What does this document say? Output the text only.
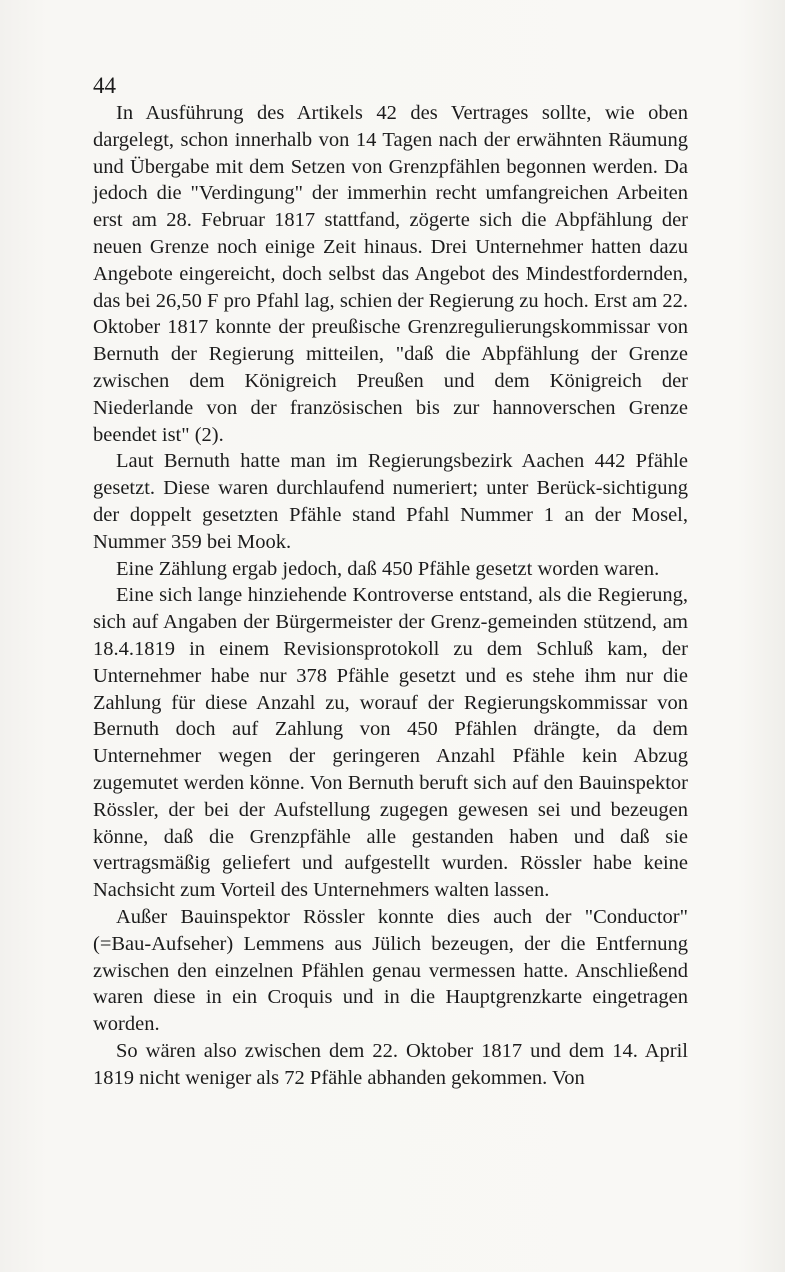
44

In Ausführung des Artikels 42 des Vertrages sollte, wie oben dargelegt, schon innerhalb von 14 Tagen nach der erwähnten Räumung und Übergabe mit dem Setzen von Grenzpfählen begonnen werden. Da jedoch die "Verdingung" der immerhin recht umfangreichen Arbeiten erst am 28. Februar 1817 stattfand, zögerte sich die Abpfählung der neuen Grenze noch einige Zeit hinaus. Drei Unternehmer hatten dazu Angebote eingereicht, doch selbst das Angebot des Mindestfordernden, das bei 26,50 F pro Pfahl lag, schien der Regierung zu hoch. Erst am 22. Oktober 1817 konnte der preußische Grenzregulierungskommissar von Bernuth der Regierung mitteilen, "daß die Abpfählung der Grenze zwischen dem Königreich Preußen und dem Königreich der Niederlande von der französischen bis zur hannoverschen Grenze beendet ist" (2).

Laut Bernuth hatte man im Regierungsbezirk Aachen 442 Pfähle gesetzt. Diese waren durchlaufend numeriert; unter Berück-sichtigung der doppelt gesetzten Pfähle stand Pfahl Nummer 1 an der Mosel, Nummer 359 bei Mook.

Eine Zählung ergab jedoch, daß 450 Pfähle gesetzt worden waren.

Eine sich lange hinziehende Kontroverse entstand, als die Regierung, sich auf Angaben der Bürgermeister der Grenz-gemeinden stützend, am 18.4.1819 in einem Revisionsprotokoll zu dem Schluß kam, der Unternehmer habe nur 378 Pfähle gesetzt und es stehe ihm nur die Zahlung für diese Anzahl zu, worauf der Regierungskommissar von Bernuth doch auf Zahlung von 450 Pfählen drängte, da dem Unternehmer wegen der geringeren Anzahl Pfähle kein Abzug zugemutet werden könne. Von Bernuth beruft sich auf den Bauinspektor Rössler, der bei der Aufstellung zugegen gewesen sei und bezeugen könne, daß die Grenzpfähle alle gestanden haben und daß sie vertragsmäßig geliefert und aufgestellt wurden. Rössler habe keine Nachsicht zum Vorteil des Unternehmers walten lassen.

Außer Bauinspektor Rössler konnte dies auch der "Conductor" (=Bau-Aufseher) Lemmens aus Jülich bezeugen, der die Entfernung zwischen den einzelnen Pfählen genau vermessen hatte. Anschließend waren diese in ein Croquis und in die Hauptgrenzkarte eingetragen worden.

So wären also zwischen dem 22. Oktober 1817 und dem 14. April 1819 nicht weniger als 72 Pfähle abhanden gekommen. Von
